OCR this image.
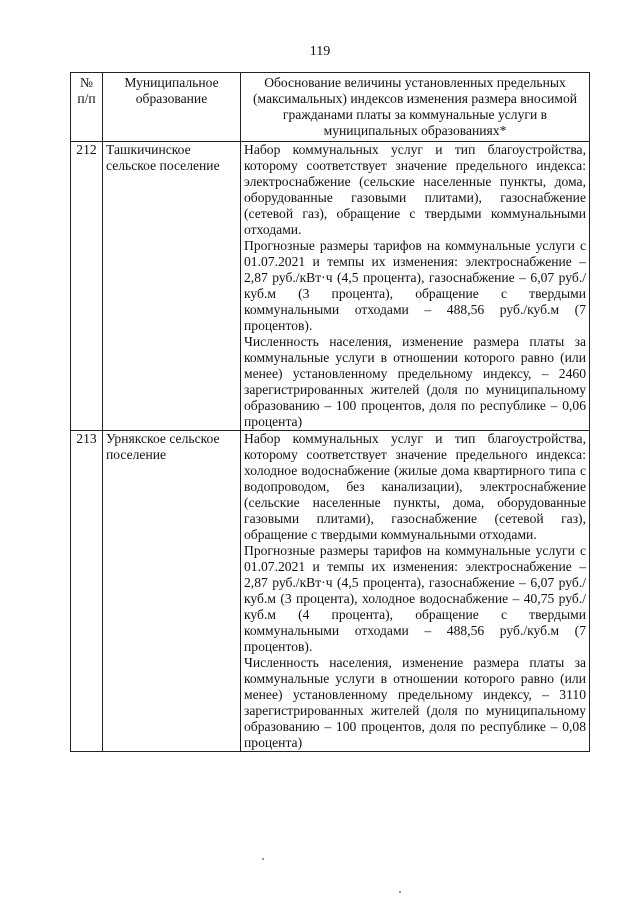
119
№ п/п	Муниципальное образование	Обоснование величины установленных предельных (максимальных) индексов изменения размера вносимой гражданами платы за коммунальные услуги в муниципальных образованиях*
212	Ташкичинское сельское поселение	Набор коммунальных услуг и тип благоустройства, которому соответствует значение предельного индекса: электроснабжение (сельские населенные пункты, дома, оборудованные газовыми плитами), газоснабжение (сетевой газ), обращение с твердыми коммунальными отходами.

Прогнозные размеры тарифов на коммунальные услуги с 01.07.2021 и темпы их изменения: электроснабжение – 2,87 руб./кВт·ч (4,5 процента), газоснабжение – 6,07 руб./куб.м (3 процента), обращение с твердыми коммунальными отходами – 488,56 руб./куб.м (7 процентов).

Численность населения, изменение размера платы за коммунальные услуги в отношении которого равно (или менее) установленному предельному индексу, – 2460 зарегистрированных жителей (доля по муниципальному образованию – 100 процентов, доля по республике – 0,06 процента)

213	Урнякское сельское поселение	Набор коммунальных услуг и тип благоустройства, которому соответствует значение предельного индекса: холодное водоснабжение (жилые дома квартирного типа с водопроводом, без канализации), электроснабжение (сельские населенные пункты, дома, оборудованные газовыми плитами), газоснабжение (сетевой газ), обращение с твердыми коммунальными отходами.

Прогнозные размеры тарифов на коммунальные услуги с 01.07.2021 и темпы их изменения: электроснабжение – 2,87 руб./кВт·ч (4,5 процента), газоснабжение – 6,07 руб./куб.м (3 процента), холодное водоснабжение – 40,75 руб./куб.м (4 процента), обращение с твердыми коммунальными отходами – 488,56 руб./куб.м (7 процентов).

Численность населения, изменение размера платы за коммунальные услуги в отношении которого равно (или менее) установленному предельному индексу, – 3110 зарегистрированных жителей (доля по муниципальному образованию – 100 процентов, доля по республике – 0,08 процента)
